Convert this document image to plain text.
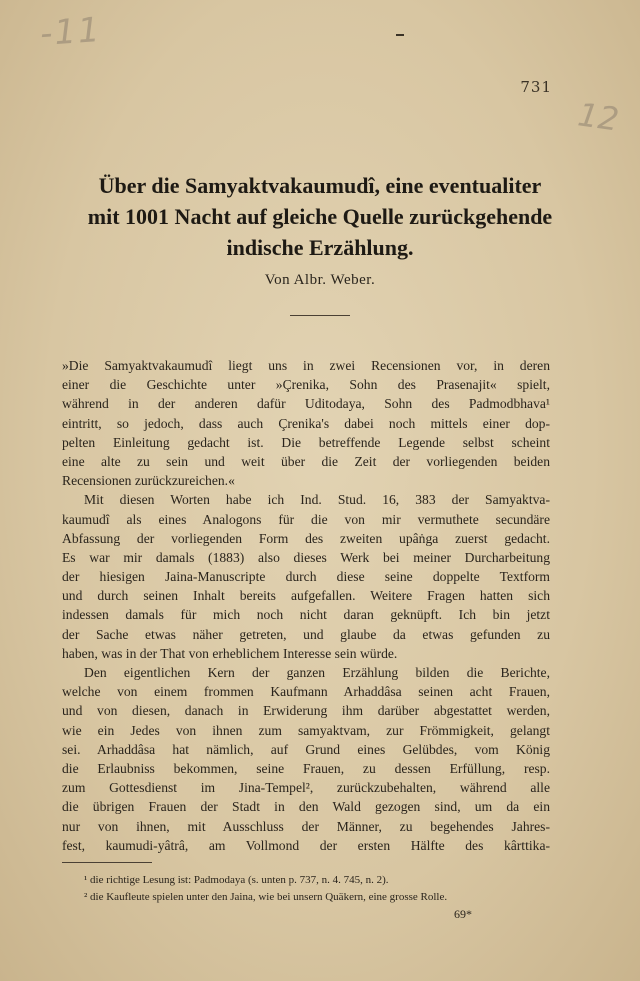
-11
12
731
Über die Samyaktvakaumudî, eine eventualiter
mit 1001 Nacht auf gleiche Quelle zurückgehende
indische Erzählung.
Von Albr. Weber.
»Die Samyaktvakaumudî liegt uns in zwei Recensionen vor, in deren
einer die Geschichte unter »Çrenika, Sohn des Prasenajit« spielt,
während in der anderen dafür Uditodaya, Sohn des Padmodbhava¹
eintritt, so jedoch, dass auch Çrenika's dabei noch mittels einer dop-
pelten Einleitung gedacht ist. Die betreffende Legende selbst scheint
eine alte zu sein und weit über die Zeit der vorliegenden beiden
Recensionen zurückzureichen.«
Mit diesen Worten habe ich Ind. Stud. 16, 383 der Samyaktva-
kaumudî als eines Analogons für die von mir vermuthete secundäre
Abfassung der vorliegenden Form des zweiten upâṅga zuerst gedacht.
Es war mir damals (1883) also dieses Werk bei meiner Durcharbeitung
der hiesigen Jaina-Manuscripte durch diese seine doppelte Textform
und durch seinen Inhalt bereits aufgefallen. Weitere Fragen hatten sich
indessen damals für mich noch nicht daran geknüpft. Ich bin jetzt
der Sache etwas näher getreten, und glaube da etwas gefunden zu
haben, was in der That von erheblichem Interesse sein würde.
Den eigentlichen Kern der ganzen Erzählung bilden die Berichte,
welche von einem frommen Kaufmann Arhaddâsa seinen acht Frauen,
und von diesen, danach in Erwiderung ihm darüber abgestattet werden,
wie ein Jedes von ihnen zum samyaktvam, zur Frömmigkeit, gelangt
sei. Arhaddâsa hat nämlich, auf Grund eines Gelübdes, vom König
die Erlaubniss bekommen, seine Frauen, zu dessen Erfüllung, resp.
zum Gottesdienst im Jina-Tempel², zurückzubehalten, während alle
die übrigen Frauen der Stadt in den Wald gezogen sind, um da ein
nur von ihnen, mit Ausschluss der Männer, zu begehendes Jahres-
fest, kaumudi-yâtrâ, am Vollmond der ersten Hälfte des kârttika-
¹ die richtige Lesung ist: Padmodaya (s. unten p. 737, n. 4. 745, n. 2).
² die Kaufleute spielen unter den Jaina, wie bei unsern Quäkern, eine grosse Rolle.
69*
